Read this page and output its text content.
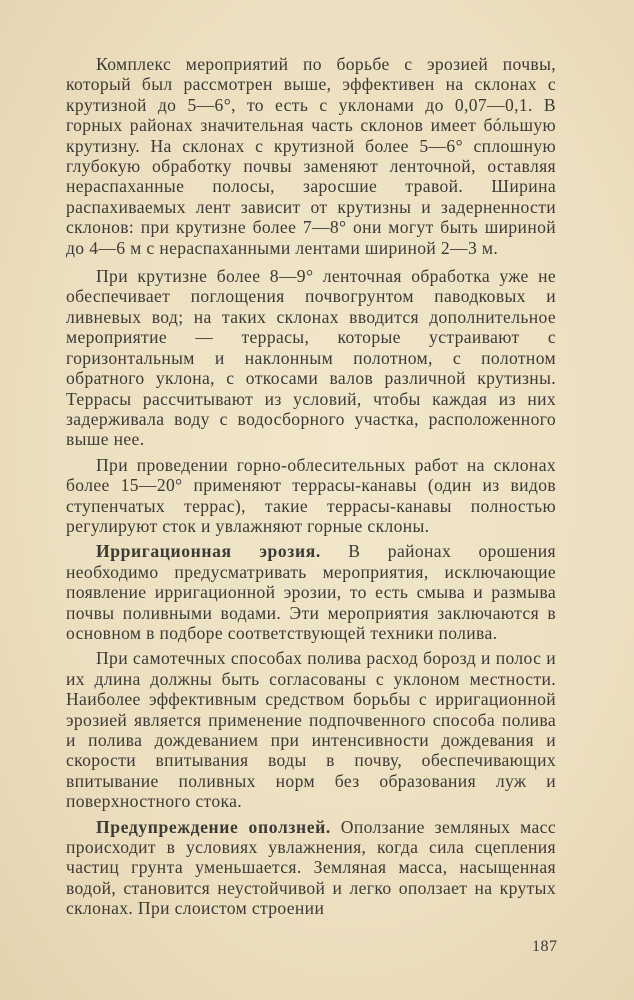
Комплекс мероприятий по борьбе с эрозией почвы, который был рассмотрен выше, эффективен на склонах с крутизной до 5—6°, то есть с уклонами до 0,07—0,1. В горных районах значительная часть склонов имеет бóльшую крутизну. На склонах с крутизной более 5—6° сплошную глубокую обработку почвы заменяют ленточной, оставляя нераспаханные полосы, заросшие травой. Ширина распахиваемых лент зависит от крутизны и задерненности склонов: при крутизне более 7—8° они могут быть шириной до 4—6 м с нераспаханными лентами шириной 2—3 м.

При крутизне более 8—9° ленточная обработка уже не обеспечивает поглощения почвогрунтом паводковых и ливневых вод; на таких склонах вводится дополнительное мероприятие — террасы, которые устраивают с горизонтальным и наклонным полотном, с полотном обратного уклона, с откосами валов различной крутизны. Террасы рассчитывают из условий, чтобы каждая из них задерживала воду с водосборного участка, расположенного выше нее.

При проведении горно-облесительных работ на склонах более 15—20° применяют террасы-канавы (один из видов ступенчатых террас), такие террасы-канавы полностью регулируют сток и увлажняют горные склоны.

Ирригационная эрозия. В районах орошения необходимо предусматривать мероприятия, исключающие появление ирригационной эрозии, то есть смыва и размыва почвы поливными водами. Эти мероприятия заключаются в основном в подборе соответствующей техники полива.

При самотечных способах полива расход борозд и полос и их длина должны быть согласованы с уклоном местности. Наиболее эффективным средством борьбы с ирригационной эрозией является применение подпочвенного способа полива и полива дождеванием при интенсивности дождевания и скорости впитывания воды в почву, обеспечивающих впитывание поливных норм без образования луж и поверхностного стока.

Предупреждение оползней. Оползание земляных масс происходит в условиях увлажнения, когда сила сцепления частиц грунта уменьшается. Земляная масса, насыщенная водой, становится неустойчивой и легко оползает на крутых склонах. При слоистом строении

187
